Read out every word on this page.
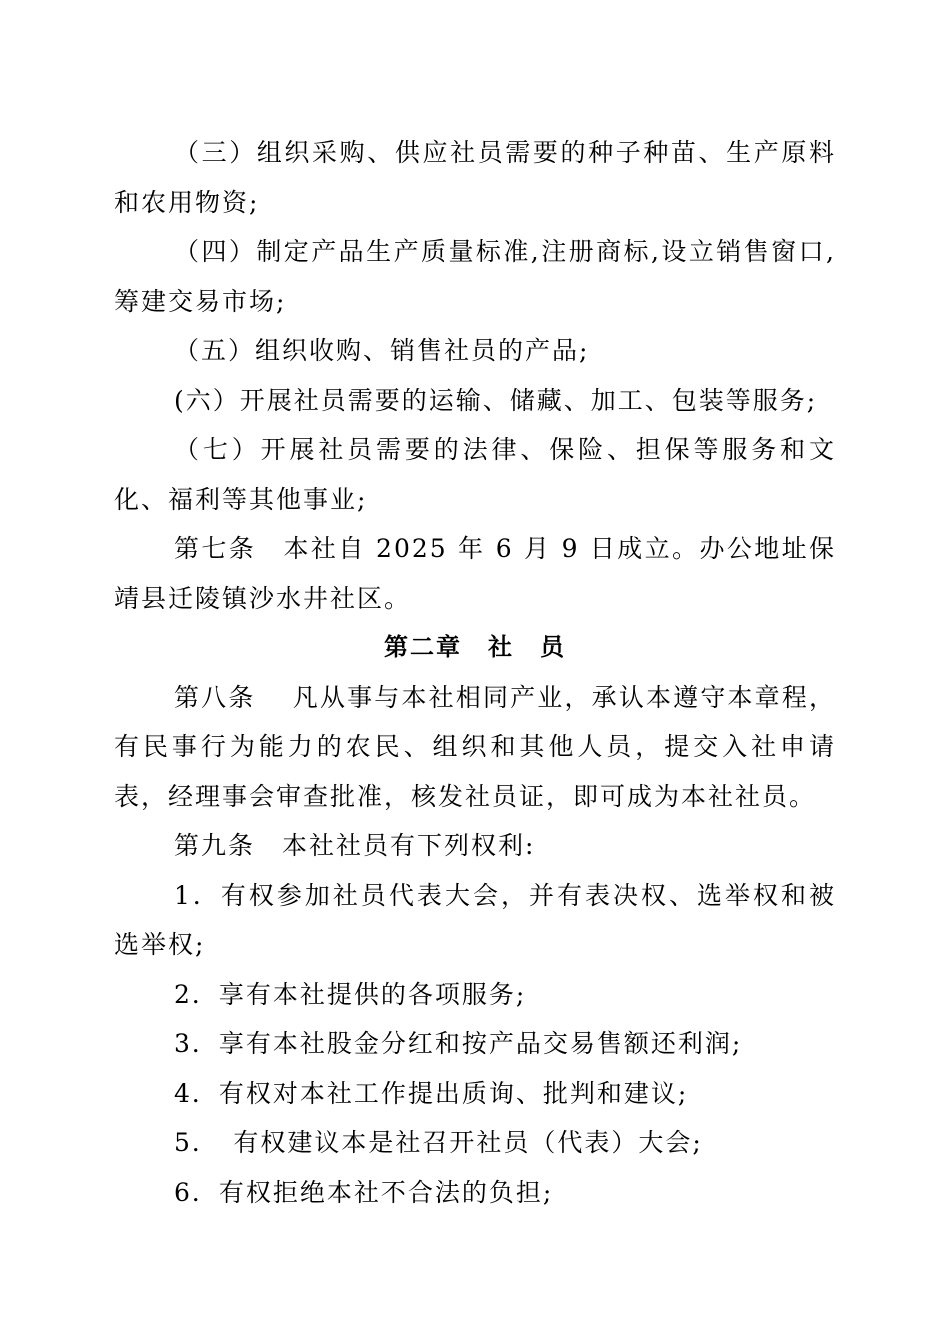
（三）组织采购、供应社员需要的种子种苗、生产原料和农用物资;

（四）制定产品生产质量标准,注册商标,设立销售窗口,筹建交易市场;

（五）组织收购、销售社员的产品;

(六）开展社员需要的运输、储藏、加工、包装等服务;

（七）开展社员需要的法律、保险、担保等服务和文化、福利等其他事业;

第七条　本社自 2025 年 6 月 9 日成立。办公地址保靖县迁陵镇沙水井社区。

第二章　社　员

第八条　 凡从事与本社相同产业，承认本遵守本章程，有民事行为能力的农民、组织和其他人员，提交入社申请表，经理事会审查批准，核发社员证，即可成为本社社员。

第九条　本社社员有下列权利:

1．有权参加社员代表大会，并有表决权、选举权和被选举权;

2．享有本社提供的各项服务;

3．享有本社股金分红和按产品交易售额还利润;

4．有权对本社工作提出质询、批判和建议;

5．　有权建议本是社召开社员（代表）大会;

6．有权拒绝本社不合法的负担;
